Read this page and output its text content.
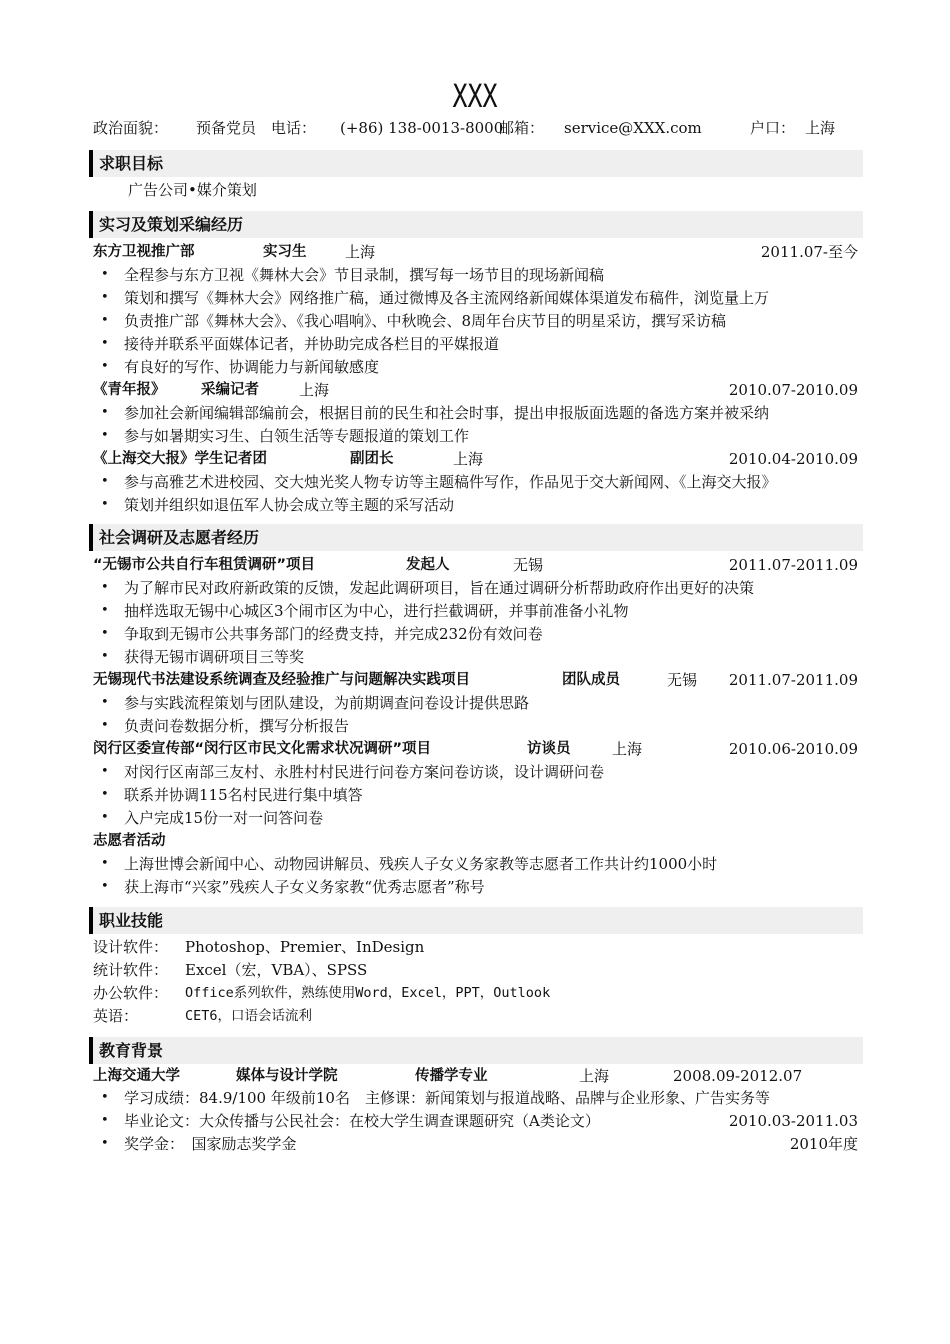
XXX
政治面貌： 预备党员 电话： (+86) 138-0013-8000
邮箱： service@XXX.com	户口： 上海
求职目标
广告公司•媒介策划
实习及策划采编经历
东方卫视推广部	实习生	上海	2011.07-至今
• 全程参与东方卫视《舞林大会》节目录制，撰写每一场节目的现场新闻稿
• 策划和撰写《舞林大会》网络推广稿，通过微博及各主流网络新闻媒体渠道发布稿件，浏览量上万
• 负责推广部《舞林大会》、《我心唱响》、中秋晚会、8周年台庆节目的明星采访，撰写采访稿
• 接待并联系平面媒体记者，并协助完成各栏目的平媒报道
• 有良好的写作、协调能力与新闻敏感度
《青年报》 采编记者	上海	2010.07-2010.09
• 参加社会新闻编辑部编前会，根据目前的民生和社会时事，提出申报版面选题的备选方案并被采纳
• 参与如暑期实习生、白领生活等专题报道的策划工作
《上海交大报》学生记者团	副团长	上海	2010.04-2010.09
• 参与高雅艺术进校园、交大烛光奖人物专访等主题稿件写作，作品见于交大新闻网、《上海交大报》
• 策划并组织如退伍军人协会成立等主题的采写活动
社会调研及志愿者经历
“无锡市公共自行车租赁调研”项目	发起人	无锡	2011.07-2011.09
• 为了解市民对政府新政策的反馈，发起此调研项目，旨在通过调研分析帮助政府作出更好的决策
• 抽样选取无锡中心城区3个闹市区为中心，进行拦截调研，并事前准备小礼物
• 争取到无锡市公共事务部门的经费支持，并完成232份有效问卷
• 获得无锡市调研项目三等奖
无锡现代书法建设系统调查及经验推广与问题解决实践项目	团队成员	无锡 2011.07-2011.09
• 参与实践流程策划与团队建设，为前期调查问卷设计提供思路
• 负责问卷数据分析，撰写分析报告
闵行区委宣传部“闵行区市民文化需求状况调研”项目	访谈员	上海	2010.06-2010.09
• 对闵行区南部三友村、永胜村村民进行问卷方案问卷访谈，设计调研问卷
• 联系并协调115名村民进行集中填答
• 入户完成15份一对一问答问卷
志愿者活动
• 上海世博会新闻中心、动物园讲解员、残疾人子女义务家教等志愿者工作共计约1000小时
• 获上海市“兴家”残疾人子女义务家教“优秀志愿者”称号
职业技能
设计软件： Photoshop、Premier、InDesign
统计软件： Excel（宏，VBA）、SPSS
办公软件： Office系列软件，熟练使用Word，Excel，PPT，Outlook
英语：	CET6，口语会话流利
教育背景
上海交通大学	媒体与设计学院	传播学专业	上海	2008.09-2012.07
• 学习成绩：84.9/100 年级前10名　主修课：新闻策划与报道战略、品牌与企业形象、广告实务等
• 毕业论文：大众传播与公民社会：在校大学生调查课题研究（A类论文）	2010.03-2011.03
• 奖学金：　国家励志奖学金	2010年度
